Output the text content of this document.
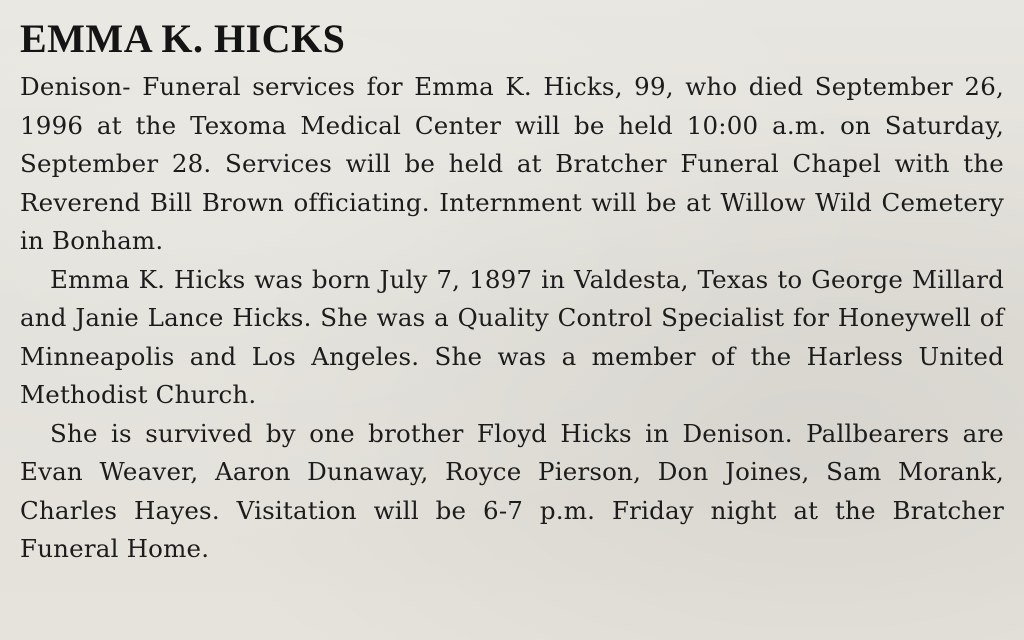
EMMA K. HICKS

Denison- Funeral services for Emma K. Hicks, 99, who died September 26, 1996 at the Texoma Medical Center will be held 10:00 a.m. on Saturday, September 28. Services will be held at Bratcher Funeral Chapel with the Reverend Bill Brown officiating. Internment will be at Willow Wild Cemetery in Bonham.

Emma K. Hicks was born July 7, 1897 in Valdesta, Texas to George Millard and Janie Lance Hicks. She was a Quality Control Specialist for Honeywell of Minneapolis and Los Angeles. She was a member of the Harless United Methodist Church.

She is survived by one brother Floyd Hicks in Denison. Pallbearers are Evan Weaver, Aaron Dunaway, Royce Pierson, Don Joines, Sam Morank, Charles Hayes. Visitation will be 6-7 p.m. Friday night at the Bratcher Funeral Home.
